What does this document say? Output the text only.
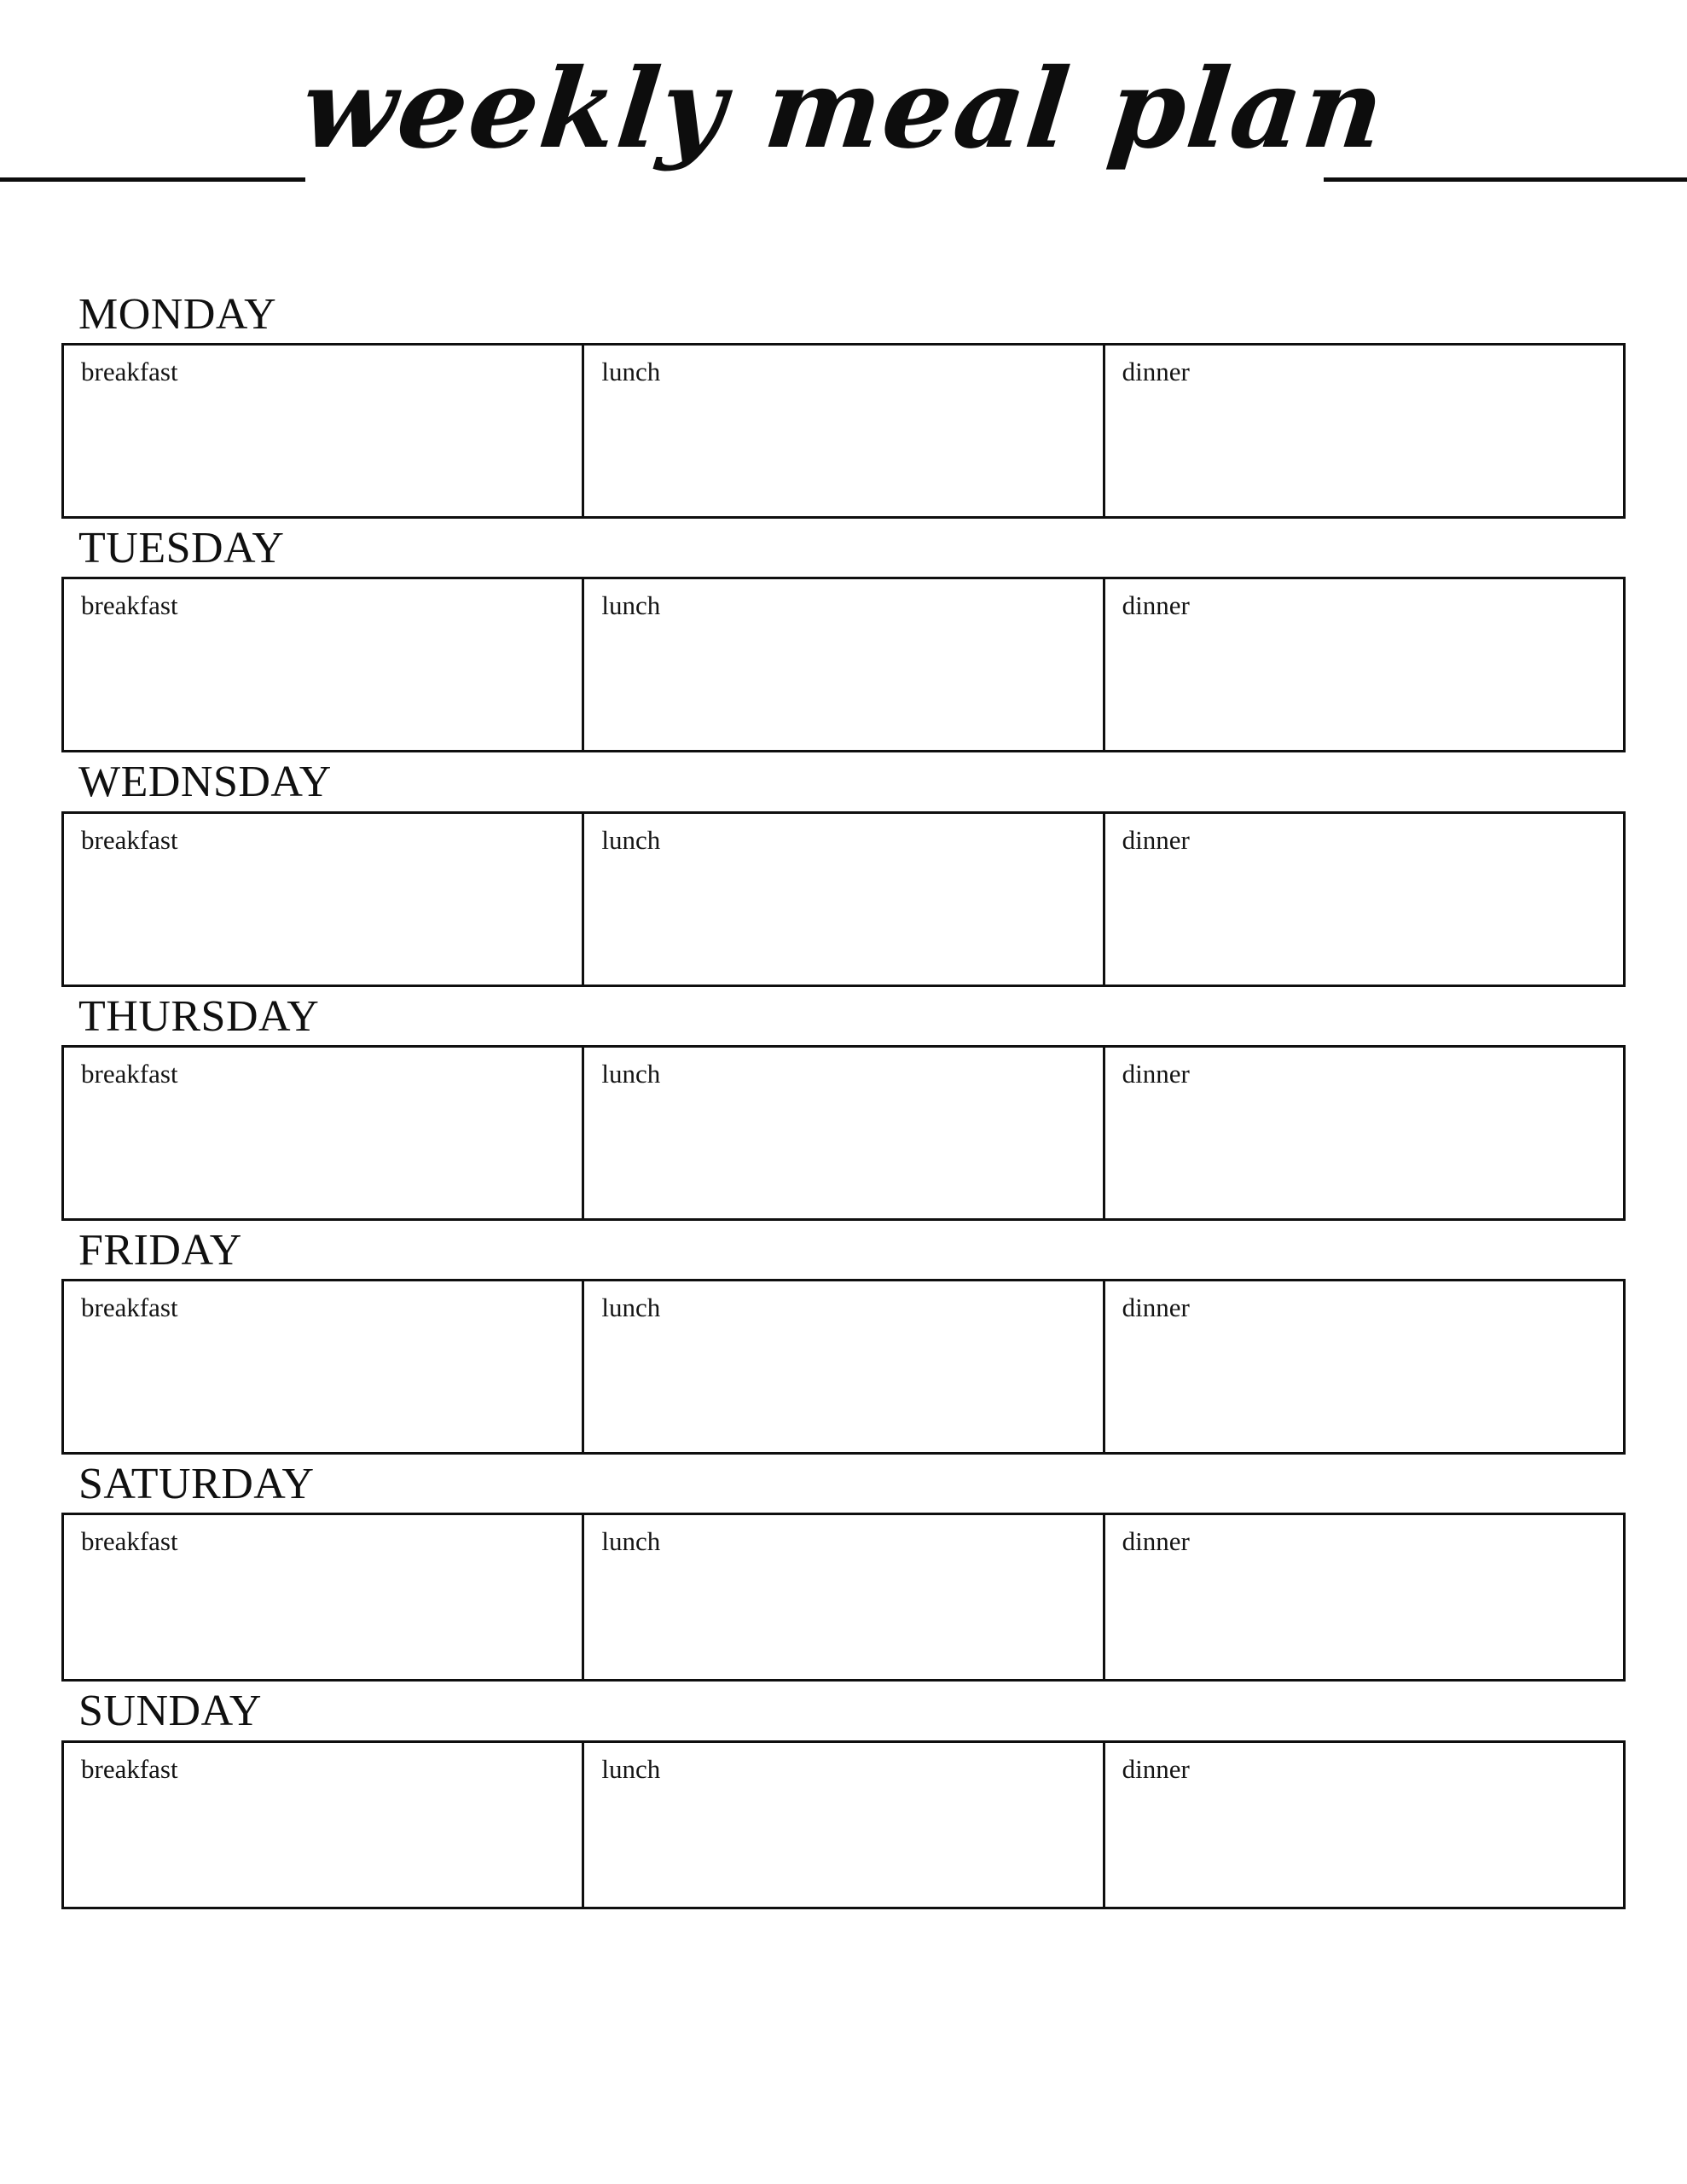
weekly meal plan
MONDAY
breakfast	lunch	dinner
TUESDAY
breakfast	lunch	dinner
WEDNSDAY
breakfast	lunch	dinner
THURSDAY
breakfast	lunch	dinner
FRIDAY
breakfast	lunch	dinner
SATURDAY
breakfast	lunch	dinner
SUNDAY
breakfast	lunch	dinner
